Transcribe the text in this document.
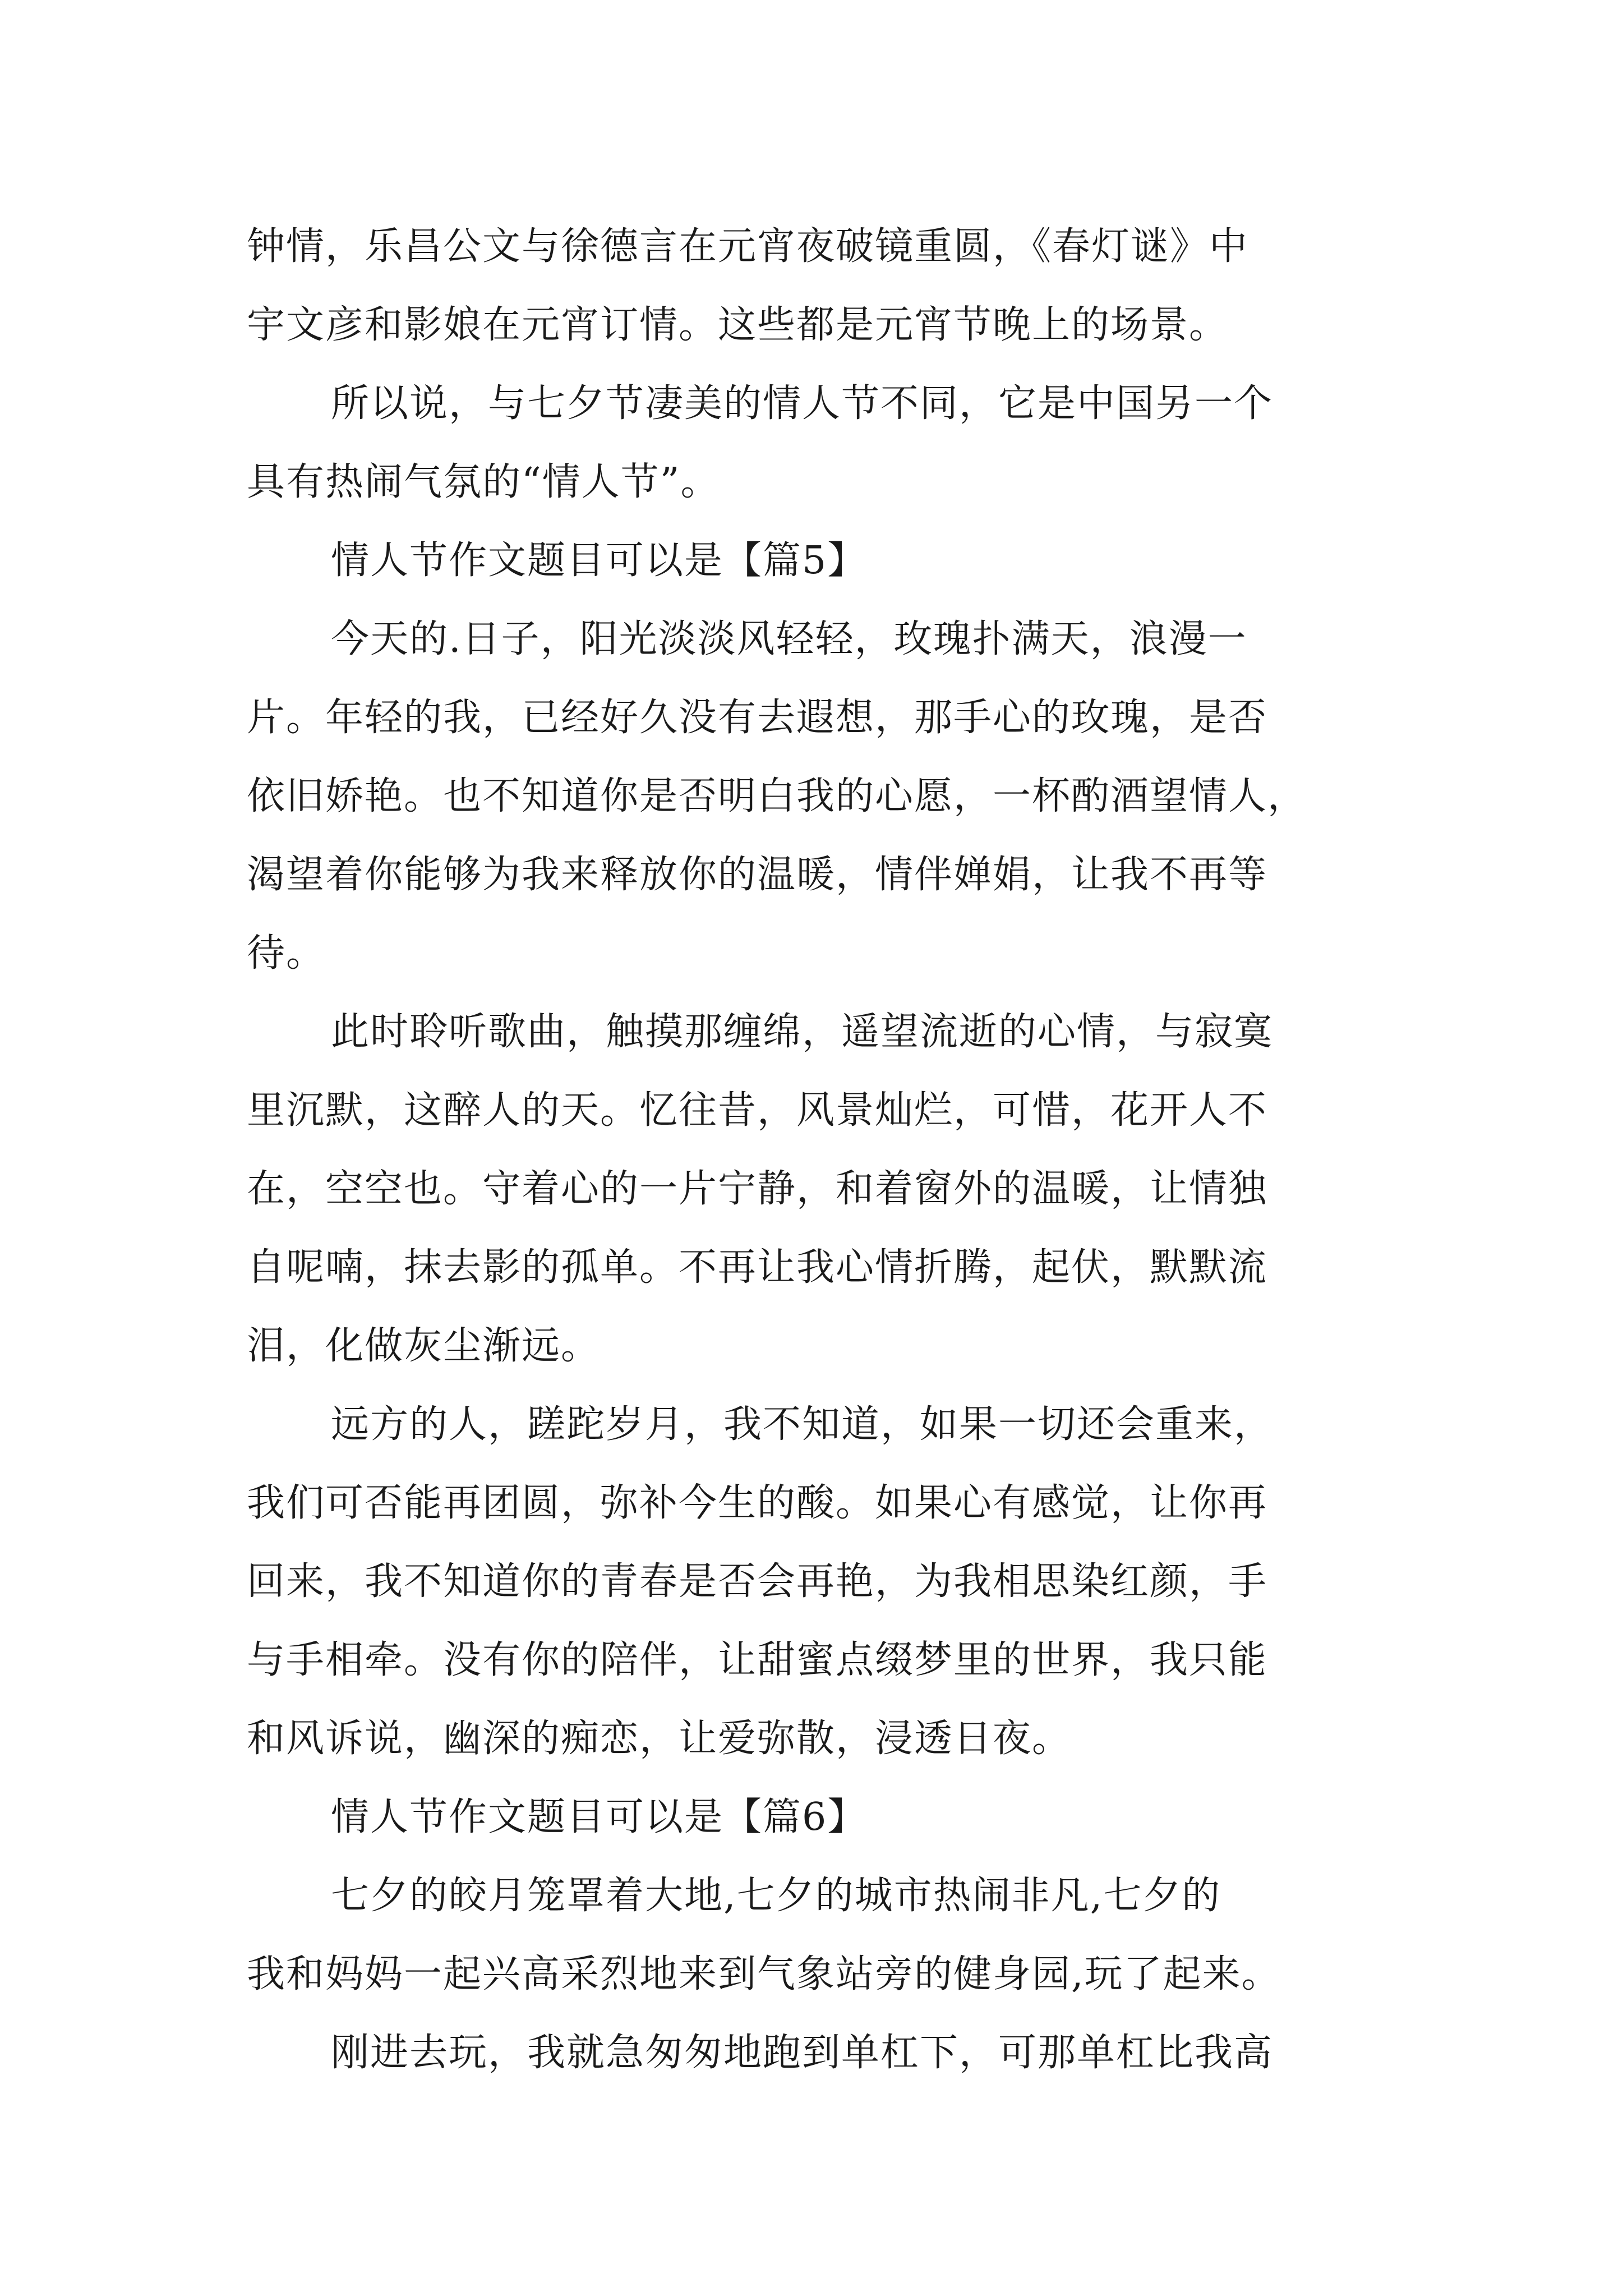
钟情，乐昌公文与徐德言在元宵夜破镜重圆，《春灯谜》中
宇文彦和影娘在元宵订情。这些都是元宵节晚上的场景。
所以说，与七夕节凄美的情人节不同，它是中国另一个
具有热闹气氛的“情人节”。
情人节作文题目可以是【篇5】
今天的.日子，阳光淡淡风轻轻，玫瑰扑满天，浪漫一
片。年轻的我，已经好久没有去遐想，那手心的玫瑰，是否
依旧娇艳。也不知道你是否明白我的心愿，一杯酌酒望情人，
渴望着你能够为我来释放你的温暖，情伴婵娟，让我不再等
待。
此时聆听歌曲，触摸那缠绵，遥望流逝的心情，与寂寞
里沉默，这醉人的天。忆往昔，风景灿烂，可惜，花开人不
在，空空也。守着心的一片宁静，和着窗外的温暖，让情独
自呢喃，抹去影的孤单。不再让我心情折腾，起伏，默默流
泪，化做灰尘渐远。
远方的人，蹉跎岁月，我不知道，如果一切还会重来，
我们可否能再团圆，弥补今生的酸。如果心有感觉，让你再
回来，我不知道你的青春是否会再艳，为我相思染红颜，手
与手相牵。没有你的陪伴，让甜蜜点缀梦里的世界，我只能
和风诉说，幽深的痴恋，让爱弥散，浸透日夜。
情人节作文题目可以是【篇6】
七夕的皎月笼罩着大地,七夕的城市热闹非凡,七夕的
我和妈妈一起兴高采烈地来到气象站旁的健身园,玩了起来。
刚进去玩，我就急匆匆地跑到单杠下，可那单杠比我高
